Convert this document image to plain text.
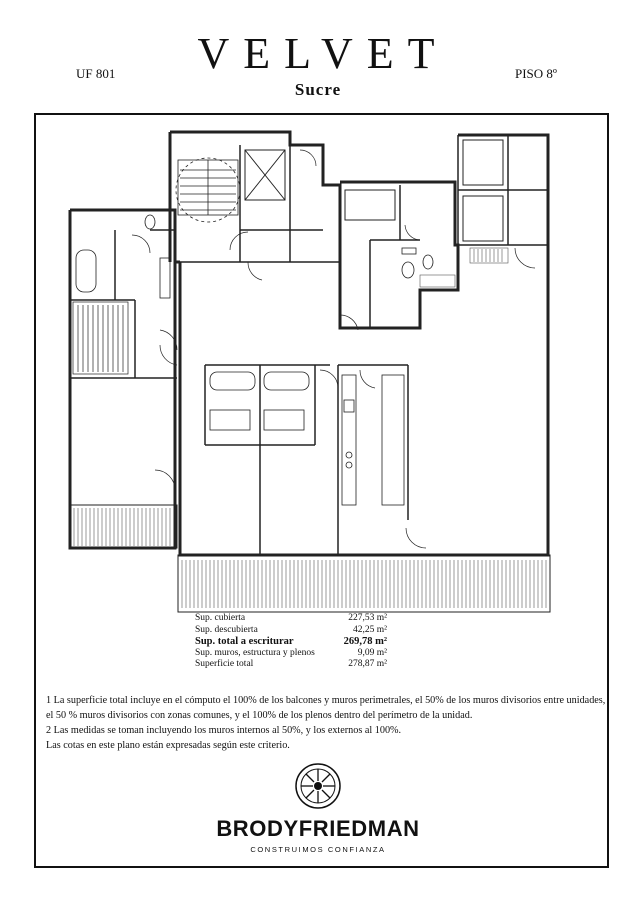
VELVET
Sucre
UF 801	PISO 8º
Sup. cubierta	227,53 m²
Sup. descubierta	42,25 m²
Sup. total a escriturar	269,78 m²
Sup. muros, estructura y plenos	9,09 m²
Superficie total	278,87 m²

1 La superficie total incluye en el cómputo el 100% de los balcones y muros perimetrales, el 50% de los muros divisorios entre unidades, el 50 % muros divisorios con zonas comunes, y el 100% de los plenos dentro del perímetro de la unidad.

2 Las medidas se toman incluyendo los muros internos al 50%, y los externos al 100%.

Las cotas en este plano están expresadas según este criterio.

BRODYFRIEDMAN
CONSTRUIMOS CONFIANZA
